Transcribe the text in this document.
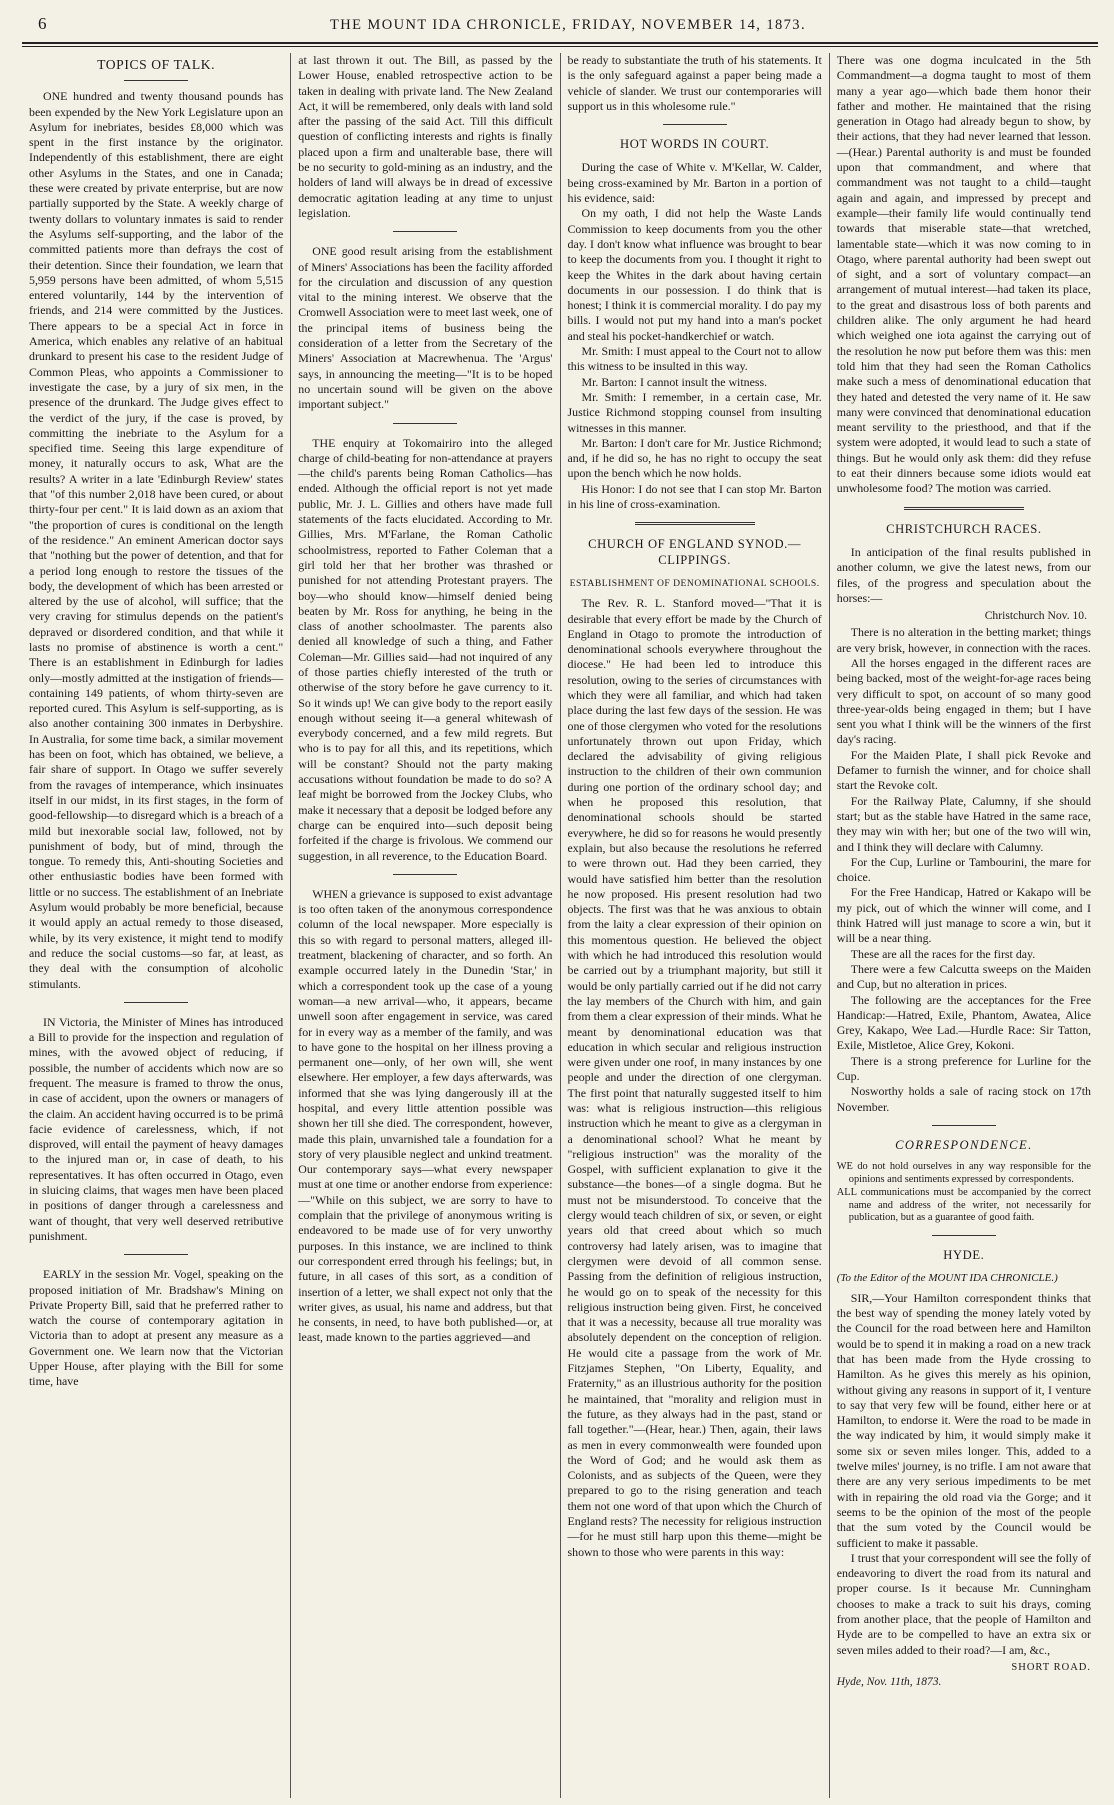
6	THE MOUNT IDA CHRONICLE, FRIDAY, NOVEMBER 14, 1873.
TOPICS OF TALK.

ONE hundred and twenty thousand pounds has been expended by the New York Legislature upon an Asylum for inebriates, besides £8,000 which was spent in the first instance by the originator. Independently of this establishment, there are eight other Asylums in the States, and one in Canada; these were created by private enterprise, but are now partially supported by the State. A weekly charge of twenty dollars to voluntary inmates is said to render the Asylums self-supporting, and the labor of the committed patients more than defrays the cost of their detention. Since their foundation, we learn that 5,959 persons have been admitted, of whom 5,515 entered voluntarily, 144 by the intervention of friends, and 214 were committed by the Justices. There appears to be a special Act in force in America, which enables any relative of an habitual drunkard to present his case to the resident Judge of Common Pleas, who appoints a Commissioner to investigate the case, by a jury of six men, in the presence of the drunkard. The Judge gives effect to the verdict of the jury, if the case is proved, by committing the inebriate to the Asylum for a specified time. Seeing this large expenditure of money, it naturally occurs to ask, What are the results? A writer in a late 'Edinburgh Review' states that "of this number 2,018 have been cured, or about thirty-four per cent." It is laid down as an axiom that "the proportion of cures is conditional on the length of the residence." An eminent American doctor says that "nothing but the power of detention, and that for a period long enough to restore the tissues of the body, the development of which has been arrested or altered by the use of alcohol, will suffice; that the very craving for stimulus depends on the patient's depraved or disordered condition, and that while it lasts no promise of abstinence is worth a cent." There is an establishment in Edinburgh for ladies only—mostly admitted at the instigation of friends—containing 149 patients, of whom thirty-seven are reported cured. This Asylum is self-supporting, as is also another containing 300 inmates in Derbyshire. In Australia, for some time back, a similar movement has been on foot, which has obtained, we believe, a fair share of support. In Otago we suffer severely from the ravages of intemperance, which insinuates itself in our midst, in its first stages, in the form of good-fellowship—to disregard which is a breach of a mild but inexorable social law, followed, not by punishment of body, but of mind, through the tongue. To remedy this, Anti-shouting Societies and other enthusiastic bodies have been formed with little or no success. The establishment of an Inebriate Asylum would probably be more beneficial, because it would apply an actual remedy to those diseased, while, by its very existence, it might tend to modify and reduce the social customs—so far, at least, as they deal with the consumption of alcoholic stimulants.

IN Victoria, the Minister of Mines has introduced a Bill to provide for the inspection and regulation of mines, with the avowed object of reducing, if possible, the number of accidents which now are so frequent. The measure is framed to throw the onus, in case of accident, upon the owners or managers of the claim. An accident having occurred is to be primâ facie evidence of carelessness, which, if not disproved, will entail the payment of heavy damages to the injured man or, in case of death, to his representatives. It has often occurred in Otago, even in sluicing claims, that wages men have been placed in positions of danger through a carelessness and want of thought, that very well deserved retributive punishment.

EARLY in the session Mr. Vogel, speaking on the proposed initiation of Mr. Bradshaw's Mining on Private Property Bill, said that he preferred rather to watch the course of contemporary agitation in Victoria than to adopt at present any measure as a Government one. We learn now that the Victorian Upper House, after playing with the Bill for some time, have

at last thrown it out. The Bill, as passed by the Lower House, enabled retrospective action to be taken in dealing with private land. The New Zealand Act, it will be remembered, only deals with land sold after the passing of the said Act. Till this difficult question of conflicting interests and rights is finally placed upon a firm and unalterable base, there will be no security to gold-mining as an industry, and the holders of land will always be in dread of excessive democratic agitation leading at any time to unjust legislation.

ONE good result arising from the establishment of Miners' Associations has been the facility afforded for the circulation and discussion of any question vital to the mining interest. We observe that the Cromwell Association were to meet last week, one of the principal items of business being the consideration of a letter from the Secretary of the Miners' Association at Macrewhenua. The 'Argus' says, in announcing the meeting—"It is to be hoped no uncertain sound will be given on the above important subject."

THE enquiry at Tokomairiro into the alleged charge of child-beating for non-attendance at prayers—the child's parents being Roman Catholics—has ended. Although the official report is not yet made public, Mr. J. L. Gillies and others have made full statements of the facts elucidated. According to Mr. Gillies, Mrs. M'Farlane, the Roman Catholic schoolmistress, reported to Father Coleman that a girl told her that her brother was thrashed or punished for not attending Protestant prayers. The boy—who should know—himself denied being beaten by Mr. Ross for anything, he being in the class of another schoolmaster. The parents also denied all knowledge of such a thing, and Father Coleman—Mr. Gillies said—had not inquired of any of those parties chiefly interested of the truth or otherwise of the story before he gave currency to it. So it winds up! We can give body to the report easily enough without seeing it—a general whitewash of everybody concerned, and a few mild regrets. But who is to pay for all this, and its repetitions, which will be constant? Should not the party making accusations without foundation be made to do so? A leaf might be borrowed from the Jockey Clubs, who make it necessary that a deposit be lodged before any charge can be enquired into—such deposit being forfeited if the charge is frivolous. We commend our suggestion, in all reverence, to the Education Board.

WHEN a grievance is supposed to exist advantage is too often taken of the anonymous correspondence column of the local newspaper. More especially is this so with regard to personal matters, alleged ill-treatment, blackening of character, and so forth. An example occurred lately in the Dunedin 'Star,' in which a correspondent took up the case of a young woman—a new arrival—who, it appears, became unwell soon after engagement in service, was cared for in every way as a member of the family, and was to have gone to the hospital on her illness proving a permanent one—only, of her own will, she went elsewhere. Her employer, a few days afterwards, was informed that she was lying dangerously ill at the hospital, and every little attention possible was shown her till she died. The correspondent, however, made this plain, unvarnished tale a foundation for a story of very plausible neglect and unkind treatment. Our contemporary says—what every newspaper must at one time or another endorse from experience:—"While on this subject, we are sorry to have to complain that the privilege of anonymous writing is endeavored to be made use of for very unworthy purposes. In this instance, we are inclined to think our correspondent erred through his feelings; but, in future, in all cases of this sort, as a condition of insertion of a letter, we shall expect not only that the writer gives, as usual, his name and address, but that he consents, in need, to have both published—or, at least, made known to the parties aggrieved—and

be ready to substantiate the truth of his statements. It is the only safeguard against a paper being made a vehicle of slander. We trust our contemporaries will support us in this wholesome rule."

HOT WORDS IN COURT.

During the case of White v. M'Kellar, W. Calder, being cross-examined by Mr. Barton in a portion of his evidence, said:

On my oath, I did not help the Waste Lands Commission to keep documents from you the other day. I don't know what influence was brought to bear to keep the documents from you. I thought it right to keep the Whites in the dark about having certain documents in our possession. I do think that is honest; I think it is commercial morality. I do pay my bills. I would not put my hand into a man's pocket and steal his pocket-handkerchief or watch.

Mr. Smith: I must appeal to the Court not to allow this witness to be insulted in this way.

Mr. Barton: I cannot insult the witness.

Mr. Smith: I remember, in a certain case, Mr. Justice Richmond stopping counsel from insulting witnesses in this manner.

Mr. Barton: I don't care for Mr. Justice Richmond; and, if he did so, he has no right to occupy the seat upon the bench which he now holds.

His Honor: I do not see that I can stop Mr. Barton in his line of cross-examination.

CHURCH OF ENGLAND SYNOD.—CLIPPINGS.
ESTABLISHMENT OF DENOMINATIONAL SCHOOLS.

The Rev. R. L. Stanford moved—"That it is desirable that every effort be made by the Church of England in Otago to promote the introduction of denominational schools everywhere throughout the diocese." He had been led to introduce this resolution, owing to the series of circumstances with which they were all familiar, and which had taken place during the last few days of the session. He was one of those clergymen who voted for the resolutions unfortunately thrown out upon Friday, which declared the advisability of giving religious instruction to the children of their own communion during one portion of the ordinary school day; and when he proposed this resolution, that denominational schools should be started everywhere, he did so for reasons he would presently explain, but also because the resolutions he referred to were thrown out. Had they been carried, they would have satisfied him better than the resolution he now proposed. His present resolution had two objects. The first was that he was anxious to obtain from the laity a clear expression of their opinion on this momentous question. He believed the object with which he had introduced this resolution would be carried out by a triumphant majority, but still it would be only partially carried out if he did not carry the lay members of the Church with him, and gain from them a clear expression of their minds. What he meant by denominational education was that education in which secular and religious instruction were given under one roof, in many instances by one people and under the direction of one clergyman. The first point that naturally suggested itself to him was: what is religious instruction—this religious instruction which he meant to give as a clergyman in a denominational school? What he meant by "religious instruction" was the morality of the Gospel, with sufficient explanation to give it the substance—the bones—of a single dogma. But he must not be misunderstood. To conceive that the clergy would teach children of six, or seven, or eight years old that creed about which so much controversy had lately arisen, was to imagine that clergymen were devoid of all common sense. Passing from the definition of religious instruction, he would go on to speak of the necessity for this religious instruction being given. First, he conceived that it was a necessity, because all true morality was absolutely dependent on the conception of religion. He would cite a passage from the work of Mr. Fitzjames Stephen, "On Liberty, Equality, and Fraternity," as an illustrious authority for the position he maintained, that "morality and religion must in the future, as they always had in the past, stand or fall together."—(Hear, hear.) Then, again, their laws as men in every commonwealth were founded upon the Word of God; and he would ask them as Colonists, and as subjects of the Queen, were they prepared to go to the rising generation and teach them not one word of that upon which the Church of England rests? The necessity for religious instruction—for he must still harp upon this theme—might be shown to those who were parents in this way:

There was one dogma inculcated in the 5th Commandment—a dogma taught to most of them many a year ago—which bade them honor their father and mother. He maintained that the rising generation in Otago had already begun to show, by their actions, that they had never learned that lesson.—(Hear.) Parental authority is and must be founded upon that commandment, and where that commandment was not taught to a child—taught again and again, and impressed by precept and example—their family life would continually tend towards that miserable state—that wretched, lamentable state—which it was now coming to in Otago, where parental authority had been swept out of sight, and a sort of voluntary compact—an arrangement of mutual interest—had taken its place, to the great and disastrous loss of both parents and children alike. The only argument he had heard which weighed one iota against the carrying out of the resolution he now put before them was this: men told him that they had seen the Roman Catholics make such a mess of denominational education that they hated and detested the very name of it. He saw many were convinced that denominational education meant servility to the priesthood, and that if the system were adopted, it would lead to such a state of things. But he would only ask them: did they refuse to eat their dinners because some idiots would eat unwholesome food? The motion was carried.

CHRISTCHURCH RACES.

In anticipation of the final results published in another column, we give the latest news, from our files, of the progress and speculation about the horses:—

Christchurch Nov. 10.

There is no alteration in the betting market; things are very brisk, however, in connection with the races.

All the horses engaged in the different races are being backed, most of the weight-for-age races being very difficult to spot, on account of so many good three-year-olds being engaged in them; but I have sent you what I think will be the winners of the first day's racing.

For the Maiden Plate, I shall pick Revoke and Defamer to furnish the winner, and for choice shall start the Revoke colt.

For the Railway Plate, Calumny, if she should start; but as the stable have Hatred in the same race, they may win with her; but one of the two will win, and I think they will declare with Calumny.

For the Cup, Lurline or Tambourini, the mare for choice.

For the Free Handicap, Hatred or Kakapo will be my pick, out of which the winner will come, and I think Hatred will just manage to score a win, but it will be a near thing.

These are all the races for the first day.

There were a few Calcutta sweeps on the Maiden and Cup, but no alteration in prices.

The following are the acceptances for the Free Handicap:—Hatred, Exile, Phantom, Awatea, Alice Grey, Kakapo, Wee Lad.—Hurdle Race: Sir Tatton, Exile, Mistletoe, Alice Grey, Kokoni.

There is a strong preference for Lurline for the Cup.

Nosworthy holds a sale of racing stock on 17th November.

CORRESPONDENCE.

WE do not hold ourselves in any way responsible for the opinions and sentiments expressed by correspondents.

ALL communications must be accompanied by the correct name and address of the writer, not necessarily for publication, but as a guarantee of good faith.

HYDE.
(To the Editor of the MOUNT IDA CHRONICLE.)

SIR,—Your Hamilton correspondent thinks that the best way of spending the money lately voted by the Council for the road between here and Hamilton would be to spend it in making a road on a new track that has been made from the Hyde crossing to Hamilton. As he gives this merely as his opinion, without giving any reasons in support of it, I venture to say that very few will be found, either here or at Hamilton, to endorse it. Were the road to be made in the way indicated by him, it would simply make it some six or seven miles longer. This, added to a twelve miles' journey, is no trifle. I am not aware that there are any very serious impediments to be met with in repairing the old road via the Gorge; and it seems to be the opinion of the most of the people that the sum voted by the Council would be sufficient to make it passable.

I trust that your correspondent will see the folly of endeavoring to divert the road from its natural and proper course. Is it because Mr. Cunningham chooses to make a track to suit his drays, coming from another place, that the people of Hamilton and Hyde are to be compelled to have an extra six or seven miles added to their road?—I am, &c.,

SHORT ROAD.
Hyde, Nov. 11th, 1873.
